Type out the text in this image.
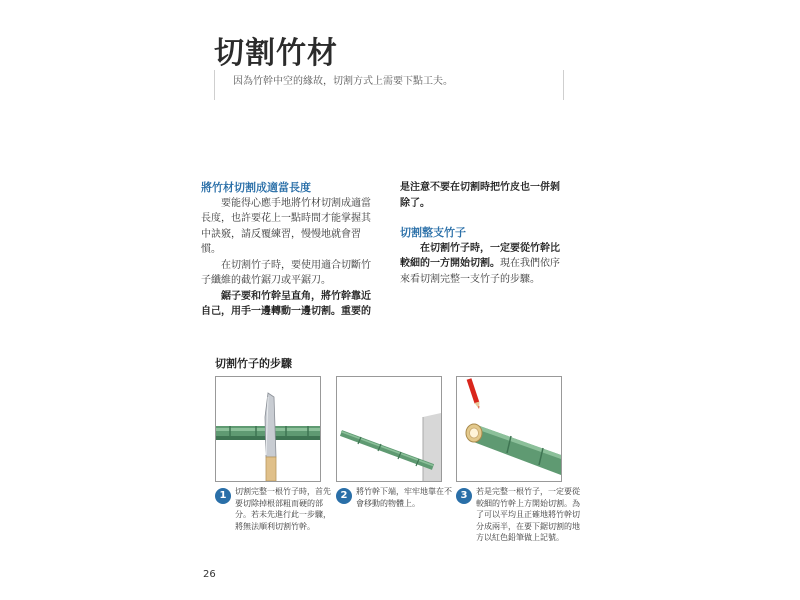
切割竹材
因為竹幹中空的緣故，切割方式上需要下點工夫。

將竹材切割成適當長度

要能得心應手地將竹材切割成適當長度，也許要花上一點時間才能掌握其中訣竅，請反覆練習，慢慢地就會習慣。

在切割竹子時，要使用適合切斷竹子纖維的截竹鋸刀或平鋸刀。

鋸子要和竹幹呈直角，將竹幹靠近自己，用手一邊轉動一邊切割。重要的

是注意不要在切割時把竹皮也一併剝除了。

切割整支竹子

在切割竹子時，一定要從竹幹比較細的一方開始切割。現在我們依序來看切割完整一支竹子的步驟。

切割竹子的步驟
1	切割完整一根竹子時，首先要切除掉根部粗而硬的部分。若未先進行此一步驟，將無法順利切割竹幹。
2	將竹幹下端，牢牢地靠在不會移動的物體上。
3	若是完整一根竹子，一定要從較細的竹幹上方開始切割。為了可以平均且正確地將竹幹切分成兩半，在要下鋸切割的地方以紅色鉛筆做上記號。
26
